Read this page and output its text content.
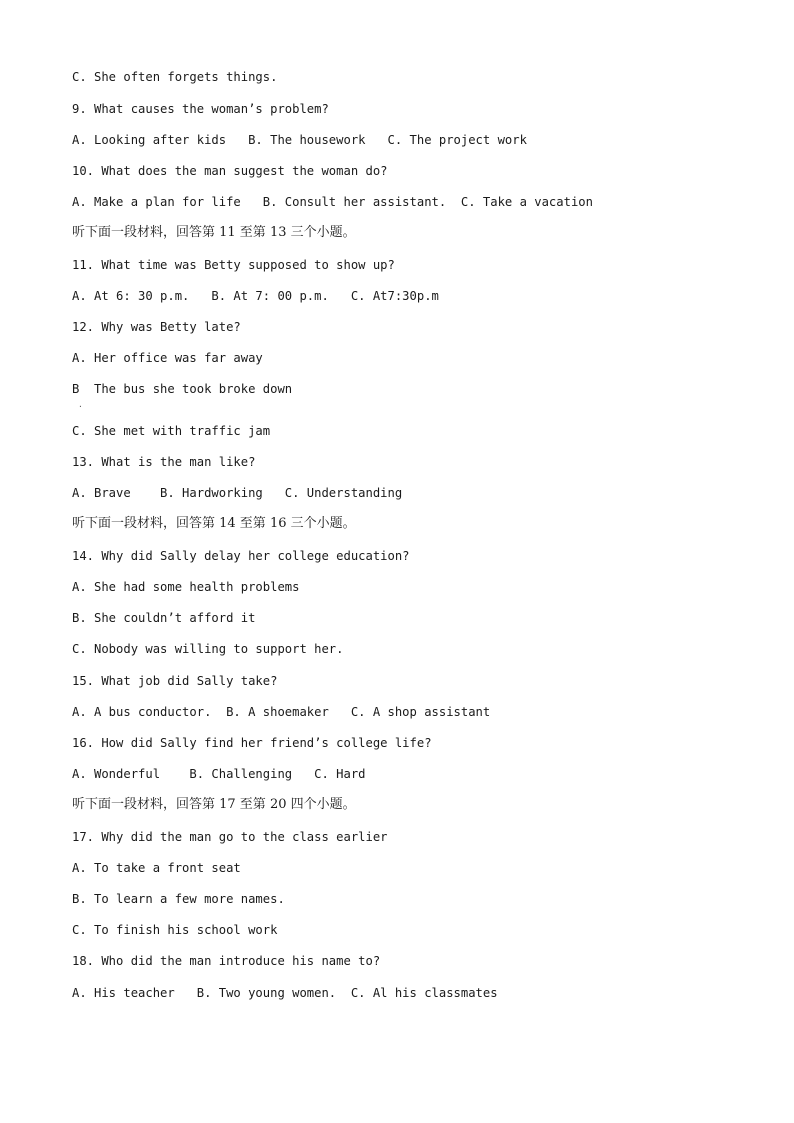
C. She often forgets things.
9. What causes the woman’s problem?
A. Looking after kids   B. The housework   C. The project work
10. What does the man suggest the woman do?
A. Make a plan for life   B. Consult her assistant.  C. Take a vacation
听下面一段材料，回答第 11 至第 13 三个小题。
11. What time was Betty supposed to show up?
A. At 6: 30 p.m.   B. At 7: 00 p.m.   C. At7:30p.m
12. Why was Betty late?
A. Her office was far away
B  The bus she took broke down
·
C. She met with traffic jam
13. What is the man like?
A. Brave    B. Hardworking   C. Understanding
听下面一段材料，回答第 14 至第 16 三个小题。
14. Why did Sally delay her college education?
A. She had some health problems
B. She couldn’t afford it
C. Nobody was willing to support her.
15. What job did Sally take?
A. A bus conductor.  B. A shoemaker   C. A shop assistant
16. How did Sally find her friend’s college life?
A. Wonderful    B. Challenging   C. Hard
听下面一段材料，回答第 17 至第 20 四个小题。
17. Why did the man go to the class earlier
A. To take a front seat
B. To learn a few more names.
C. To finish his school work
18. Who did the man introduce his name to?
A. His teacher   B. Two young women.  C. Al his classmates
